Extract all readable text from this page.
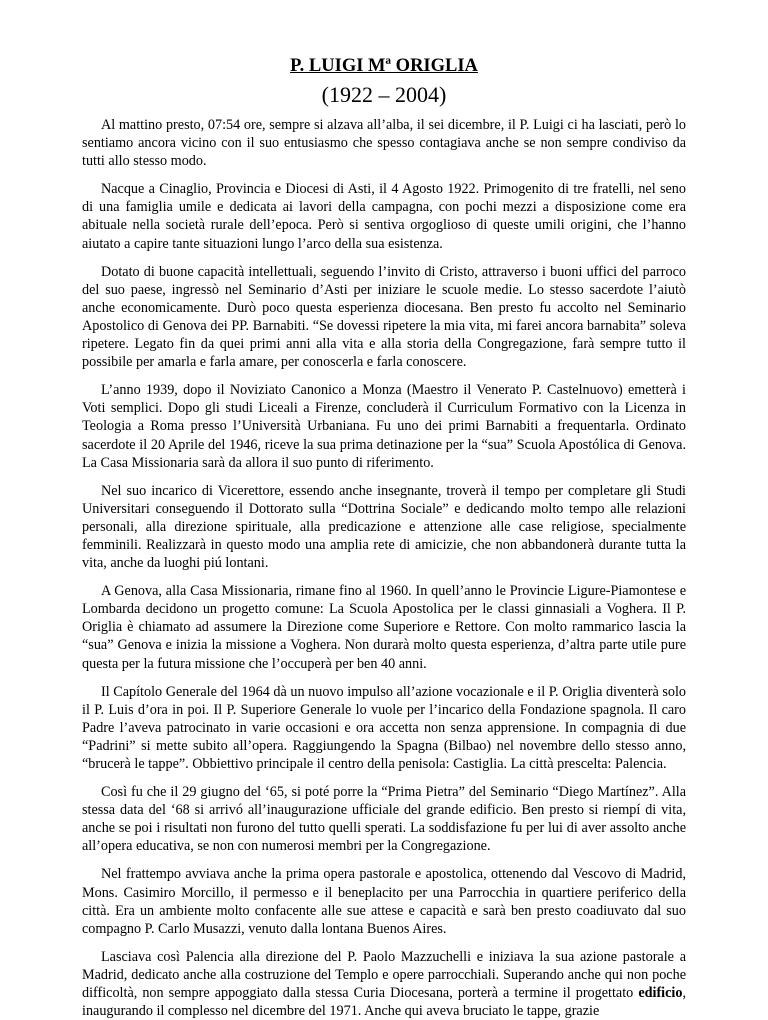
P. LUIGI Mª ORIGLIA
(1922 – 2004)

Al mattino presto, 07:54 ore, sempre si alzava all’alba, il sei dicembre, il P. Luigi ci ha lasciati, però lo sentiamo ancora vicino con il suo entusiasmo che spesso contagiava anche se non sempre condiviso da tutti allo stesso modo.

Nacque a Cinaglio, Provincia e Diocesi di Asti, il 4 Agosto 1922. Primogenito di tre fratelli, nel seno di una famiglia umile e dedicata ai lavori della campagna, con pochi mezzi a disposizione come era abituale nella società rurale dell’epoca. Però si sentiva orgoglioso di queste umili origini, che l’hanno aiutato a capire tante situazioni lungo l’arco della sua esistenza.

Dotato di buone capacità intellettuali, seguendo l’invito di Cristo, attraverso i buoni uffici del parroco del suo paese, ingressò nel Seminario d’Asti per iniziare le scuole medie. Lo stesso sacerdote l’aiutò anche economicamente. Durò poco questa esperienza diocesana. Ben presto fu accolto nel Seminario Apostolico di Genova dei PP. Barnabiti. “Se dovessi ripetere la mia vita, mi farei ancora barnabita” soleva ripetere. Legato fin da quei primi anni alla vita e alla storia della Congregazione, farà sempre tutto il possibile per amarla e farla amare, per conoscerla e farla conoscere.

L’anno 1939, dopo il Noviziato Canonico a Monza (Maestro il Venerato P. Castelnuovo) emetterà i Voti semplici. Dopo gli studi Liceali a Firenze, concluderà il Curriculum Formativo con la Licenza in Teologia a Roma presso l’Università Urbaniana. Fu uno dei primi Barnabiti a frequentarla. Ordinato sacerdote il 20 Aprile del 1946, riceve la sua prima detinazione per la “sua” Scuola Apostólica di Genova. La Casa Missionaria sarà da allora il suo punto di riferimento.

Nel suo incarico di Vicerettore, essendo anche insegnante, troverà il tempo per completare gli Studi Universitari conseguendo il Dottorato sulla “Dottrina Sociale” e dedicando molto tempo alle relazioni personali, alla direzione spirituale, alla predicazione e attenzione alle case religiose, specialmente femminili. Realizzarà in questo modo una amplia rete di amicizie, che non abbandonerà durante tutta la vita, anche da luoghi piú lontani.

A Genova, alla Casa Missionaria, rimane fino al 1960. In quell’anno le Provincie Ligure-Piamontese e Lombarda decidono un progetto comune: La Scuola Apostolica per le classi ginnasiali a Voghera. Il P. Origlia è chiamato ad assumere la Direzione come Superiore e Rettore. Con molto rammarico lascia la “sua” Genova e inizia la missione a Voghera. Non durarà molto questa esperienza, d’altra parte utile pure questa per la futura missione che l’occuperà per ben 40 anni.

Il Capítolo Generale del 1964 dà un nuovo impulso all’azione vocazionale e il P. Origlia diventerà solo il P. Luis d’ora in poi. Il P. Superiore Generale lo vuole per l’incarico della Fondazione spagnola. Il caro Padre l’aveva patrocinato in varie occasioni e ora accetta non senza apprensione. In compagnia di due “Padrini” si mette subito all’opera. Raggiungendo la Spagna (Bilbao) nel novembre dello stesso anno, “brucerà le tappe”. Obbiettivo principale il centro della penisola: Castiglia. La città prescelta: Palencia.

Così fu che il 29 giugno del ‘65, si poté porre la “Prima Pietra” del Seminario “Diego Martínez”. Alla stessa data del ‘68 si arrivó all’inaugurazione ufficiale del grande edificio. Ben presto si riempí di vita, anche se poi i risultati non furono del tutto quelli sperati. La soddisfazione fu per lui di aver assolto anche all’opera educativa, se non con numerosi membri per la Congregazione.

Nel frattempo avviava anche la prima opera pastorale e apostolica, ottenendo dal Vescovo di Madrid, Mons. Casimiro Morcillo, il permesso e il beneplacito per una Parrocchia in quartiere periferico della città. Era un ambiente molto confacente alle sue attese e capacità e sarà ben presto coadiuvato dal suo compagno P. Carlo Musazzi, venuto dalla lontana Buenos Aires.

Lasciava così Palencia alla direzione del P. Paolo Mazzuchelli e iniziava la sua azione pastorale a Madrid, dedicato anche alla costruzione del Templo e opere parrocchiali. Superando anche qui non poche difficoltà, non sempre appoggiato dalla stessa Curia Diocesana, porterà a termine il progettato edificio, inaugurando il complesso nel dicembre del 1971. Anche qui aveva bruciato le tappe, grazie
